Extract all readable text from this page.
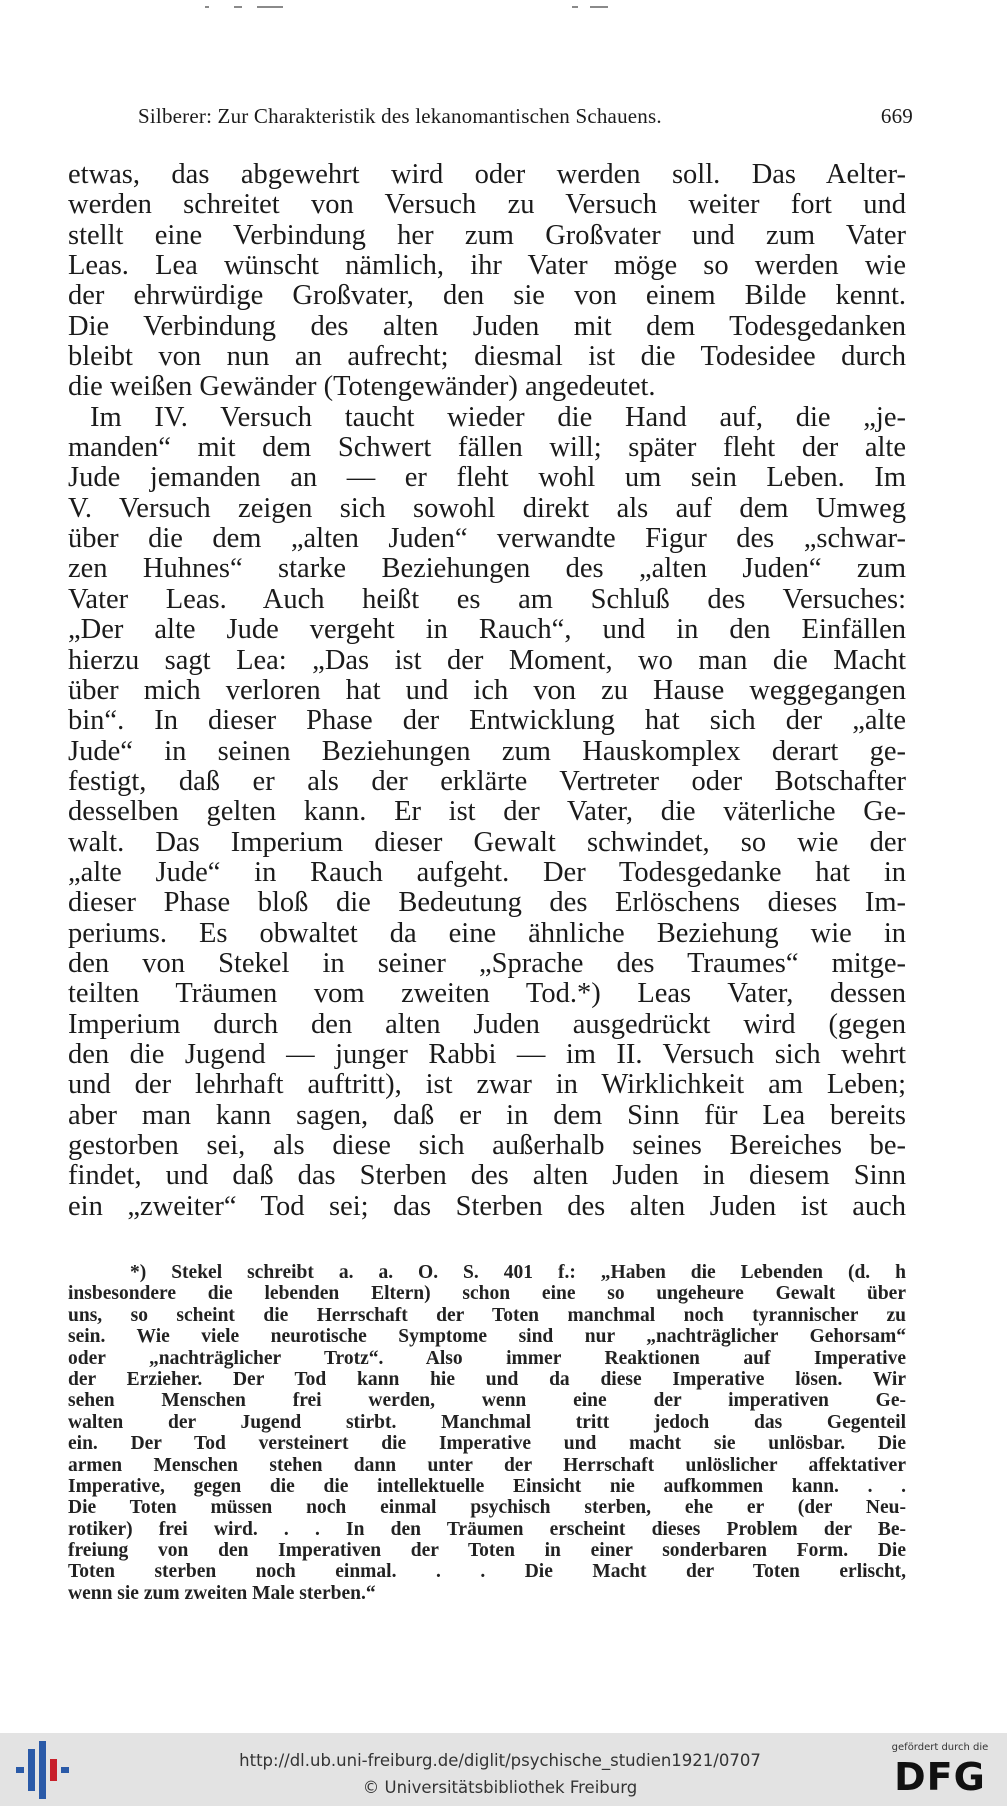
Silberer: Zur Charakteristik des lekanomantischen Schauens.	669
etwas, das abgewehrt wird oder werden soll. Das Aelter-
werden schreitet von Versuch zu Versuch weiter fort und
stellt eine Verbindung her zum Großvater und zum Vater
Leas. Lea wünscht nämlich, ihr Vater möge so werden wie
der ehrwürdige Großvater, den sie von einem Bilde kennt.
Die Verbindung des alten Juden mit dem Todesgedanken
bleibt von nun an aufrecht; diesmal ist die Todesidee durch
die weißen Gewänder (Totengewänder) angedeutet.
Im IV. Versuch taucht wieder die Hand auf, die „je-
manden“ mit dem Schwert fällen will; später fleht der alte
Jude jemanden an — er fleht wohl um sein Leben. Im
V. Versuch zeigen sich sowohl direkt als auf dem Umweg
über die dem „alten Juden“ verwandte Figur des „schwar-
zen Huhnes“ starke Beziehungen des „alten Juden“ zum
Vater Leas. Auch heißt es am Schluß des Versuches:
„Der alte Jude vergeht in Rauch“, und in den Einfällen
hierzu sagt Lea: „Das ist der Moment, wo man die Macht
über mich verloren hat und ich von zu Hause weggegangen
bin“. In dieser Phase der Entwicklung hat sich der „alte
Jude“ in seinen Beziehungen zum Hauskomplex derart ge-
festigt, daß er als der erklärte Vertreter oder Botschafter
desselben gelten kann. Er ist der Vater, die väterliche Ge-
walt. Das Imperium dieser Gewalt schwindet, so wie der
„alte Jude“ in Rauch aufgeht. Der Todesgedanke hat in
dieser Phase bloß die Bedeutung des Erlöschens dieses Im-
periums. Es obwaltet da eine ähnliche Beziehung wie in
den von Stekel in seiner „Sprache des Traumes“ mitge-
teilten Träumen vom zweiten Tod.*) Leas Vater, dessen
Imperium durch den alten Juden ausgedrückt wird (gegen
den die Jugend — junger Rabbi — im II. Versuch sich wehrt
und der lehrhaft auftritt), ist zwar in Wirklichkeit am Leben;
aber man kann sagen, daß er in dem Sinn für Lea bereits
gestorben sei, als diese sich außerhalb seines Bereiches be-
findet, und daß das Sterben des alten Juden in diesem Sinn
ein „zweiter“ Tod sei; das Sterben des alten Juden ist auch
*) Stekel schreibt a. a. O. S. 401 f.: „Haben die Lebenden (d. h
insbesondere die lebenden Eltern) schon eine so ungeheure Gewalt über
uns, so scheint die Herrschaft der Toten manchmal noch tyrannischer zu
sein. Wie viele neurotische Symptome sind nur „nachträglicher Gehorsam“
oder „nachträglicher Trotz“. Also immer Reaktionen auf Imperative
der Erzieher. Der Tod kann hie und da diese Imperative lösen. Wir
sehen Menschen frei werden, wenn eine der imperativen Ge-
walten der Jugend stirbt. Manchmal tritt jedoch das Gegenteil
ein. Der Tod versteinert die Imperative und macht sie unlösbar. Die
armen Menschen stehen dann unter der Herrschaft unlöslicher affektativer
Imperative, gegen die die intellektuelle Einsicht nie aufkommen kann. . .
Die Toten müssen noch einmal psychisch sterben, ehe er (der Neu-
rotiker) frei wird. . . In den Träumen erscheint dieses Problem der Be-
freiung von den Imperativen der Toten in einer sonderbaren Form. Die
Toten sterben noch einmal. . . Die Macht der Toten erlischt,
wenn sie zum zweiten Male sterben.“
http://dl.ub.uni-freiburg.de/diglit/psychische_studien1921/0707
© Universitätsbibliothek Freiburg
gefördert durch die
DFG
